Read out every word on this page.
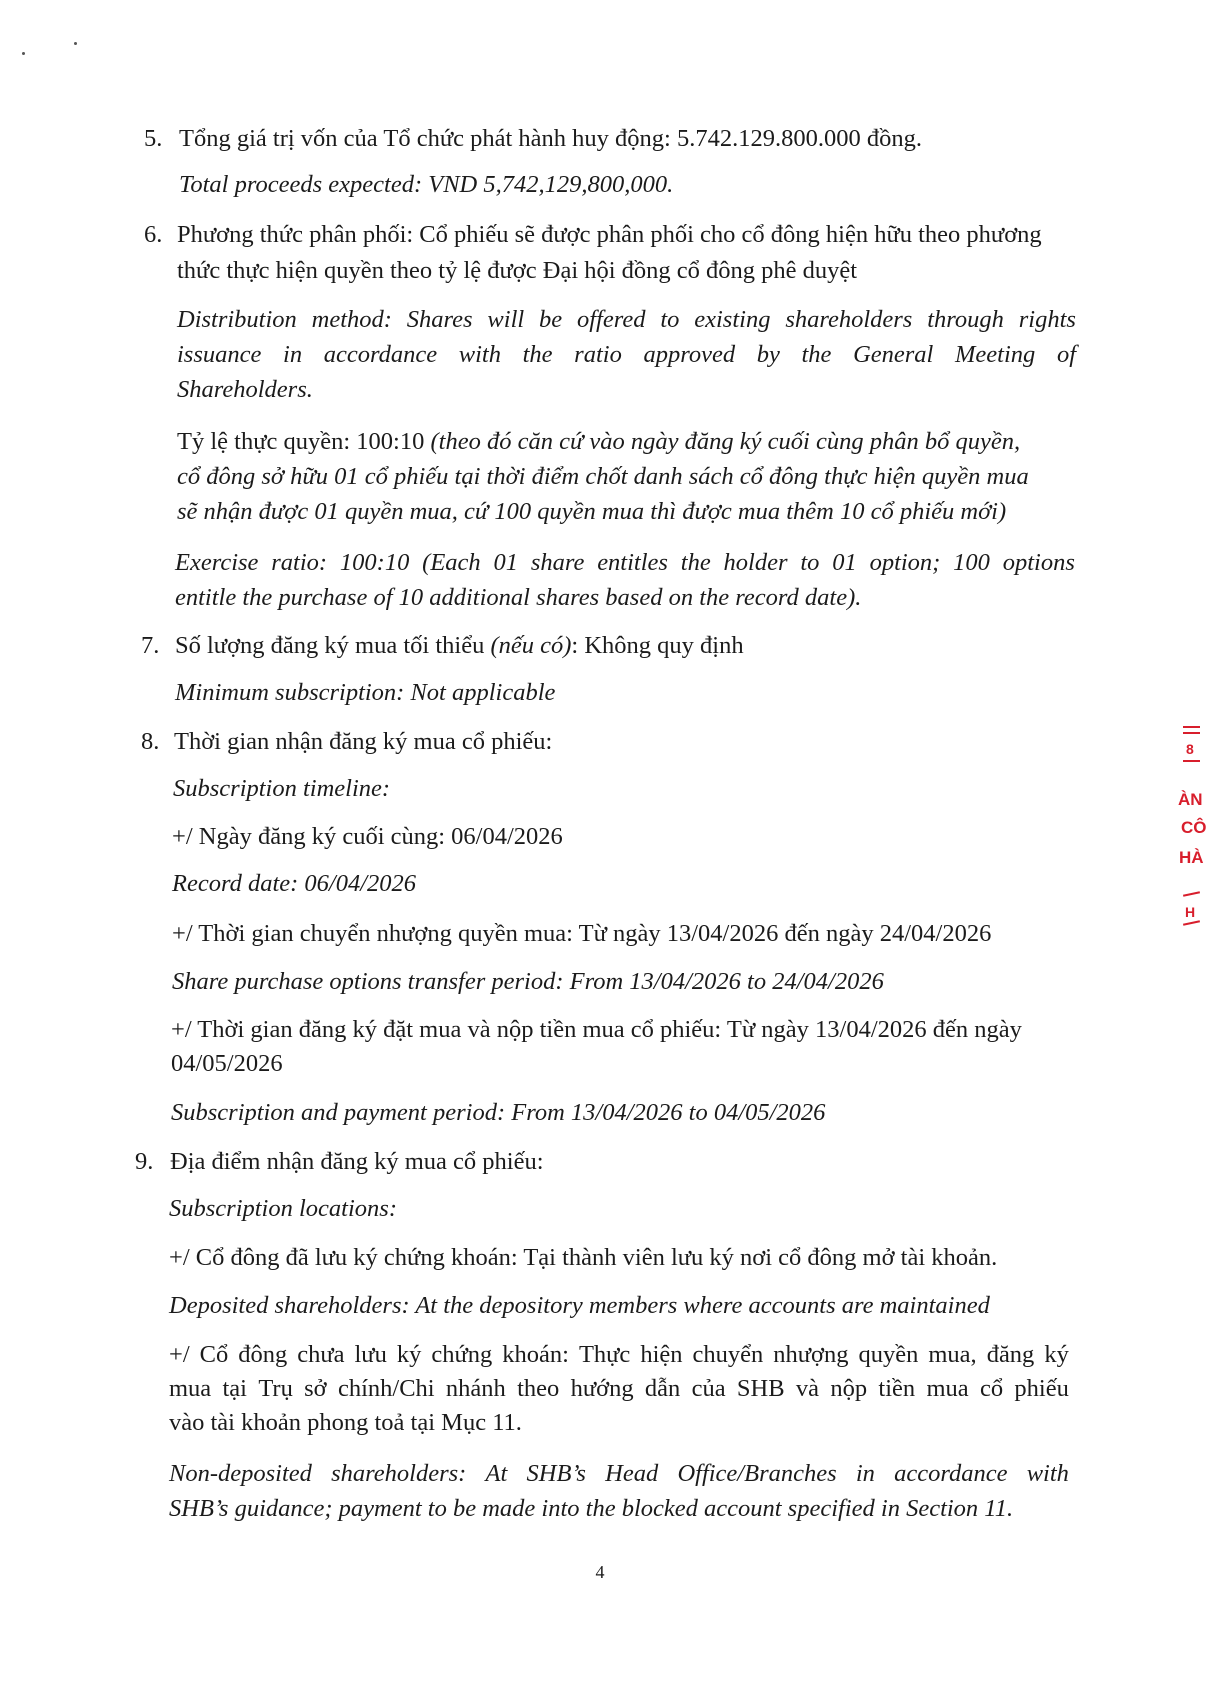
5. Tổng giá trị vốn của Tổ chức phát hành huy động: 5.742.129.800.000 đồng.
Total proceeds expected: VND 5,742,129,800,000.
6. Phương thức phân phối: Cổ phiếu sẽ được phân phối cho cổ đông hiện hữu theo phương
thức thực hiện quyền theo tỷ lệ được Đại hội đồng cổ đông phê duyệt
Distribution method: Shares will be offered to existing shareholders through rights
issuance in accordance with the ratio approved by the General Meeting of
Shareholders.
Tỷ lệ thực quyền: 100:10 (theo đó căn cứ vào ngày đăng ký cuối cùng phân bổ quyền,
cổ đông sở hữu 01 cổ phiếu tại thời điểm chốt danh sách cổ đông thực hiện quyền mua
sẽ nhận được 01 quyền mua, cứ 100 quyền mua thì được mua thêm 10 cổ phiếu mới)
Exercise ratio: 100:10 (Each 01 share entitles the holder to 01 option; 100 options
entitle the purchase of 10 additional shares based on the record date).
7. Số lượng đăng ký mua tối thiểu (nếu có): Không quy định
Minimum subscription: Not applicable
8. Thời gian nhận đăng ký mua cổ phiếu:
Subscription timeline:
+/ Ngày đăng ký cuối cùng: 06/04/2026
Record date: 06/04/2026
+/ Thời gian chuyển nhượng quyền mua: Từ ngày 13/04/2026 đến ngày 24/04/2026
Share purchase options transfer period: From 13/04/2026 to 24/04/2026
+/ Thời gian đăng ký đặt mua và nộp tiền mua cổ phiếu: Từ ngày 13/04/2026 đến ngày
04/05/2026
Subscription and payment period: From 13/04/2026 to 04/05/2026
9. Địa điểm nhận đăng ký mua cổ phiếu:
Subscription locations:
+/ Cổ đông đã lưu ký chứng khoán: Tại thành viên lưu ký nơi cổ đông mở tài khoản.
Deposited shareholders: At the depository members where accounts are maintained
+/ Cổ đông chưa lưu ký chứng khoán: Thực hiện chuyển nhượng quyền mua, đăng ký
mua tại Trụ sở chính/Chi nhánh theo hướng dẫn của SHB và nộp tiền mua cổ phiếu
vào tài khoản phong toả tại Mục 11.
Non-deposited shareholders: At SHB’s Head Office/Branches in accordance with
SHB’s guidance; payment to be made into the blocked account specified in Section 11.
4
8
ÀN
CÔ
HÀ
H
